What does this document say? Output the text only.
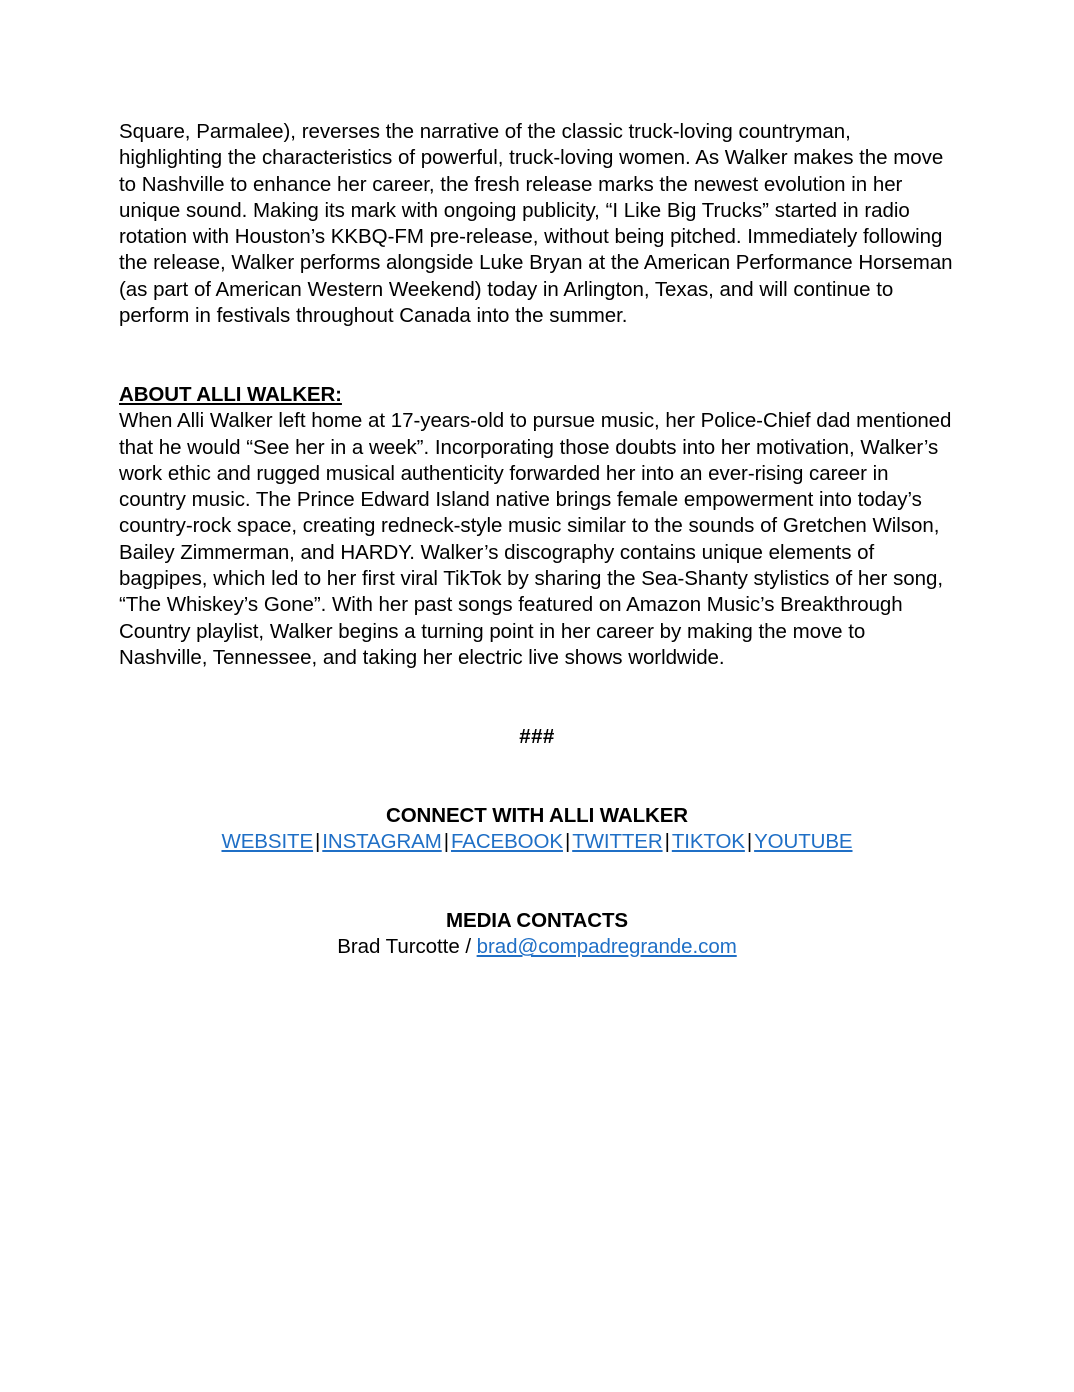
Square, Parmalee), reverses the narrative of the classic truck-loving countryman, highlighting the characteristics of powerful, truck-loving women. As Walker makes the move to Nashville to enhance her career, the fresh release marks the newest evolution in her unique sound. Making its mark with ongoing publicity, “I Like Big Trucks” started in radio rotation with Houston’s KKBQ-FM pre-release, without being pitched. Immediately following the release, Walker performs alongside Luke Bryan at the American Performance Horseman (as part of American Western Weekend) today in Arlington, Texas, and will continue to perform in festivals throughout Canada into the summer.

ABOUT ALLI WALKER:

When Alli Walker left home at 17-years-old to pursue music, her Police-Chief dad mentioned that he would “See her in a week”. Incorporating those doubts into her motivation, Walker’s work ethic and rugged musical authenticity forwarded her into an ever-rising career in country music. The Prince Edward Island native brings female empowerment into today’s country-rock space, creating redneck-style music similar to the sounds of Gretchen Wilson, Bailey Zimmerman, and HARDY. Walker’s discography contains unique elements of bagpipes, which led to her first viral TikTok by sharing the Sea-Shanty stylistics of her song, “The Whiskey’s Gone”. With her past songs featured on Amazon Music’s Breakthrough Country playlist, Walker begins a turning point in her career by making the move to Nashville, Tennessee, and taking her electric live shows worldwide.

###

CONNECT WITH ALLI WALKER

WEBSITE|INSTAGRAM|FACEBOOK|TWITTER|TIKTOK|YOUTUBE

MEDIA CONTACTS

Brad Turcotte / brad@compadregrande.com
